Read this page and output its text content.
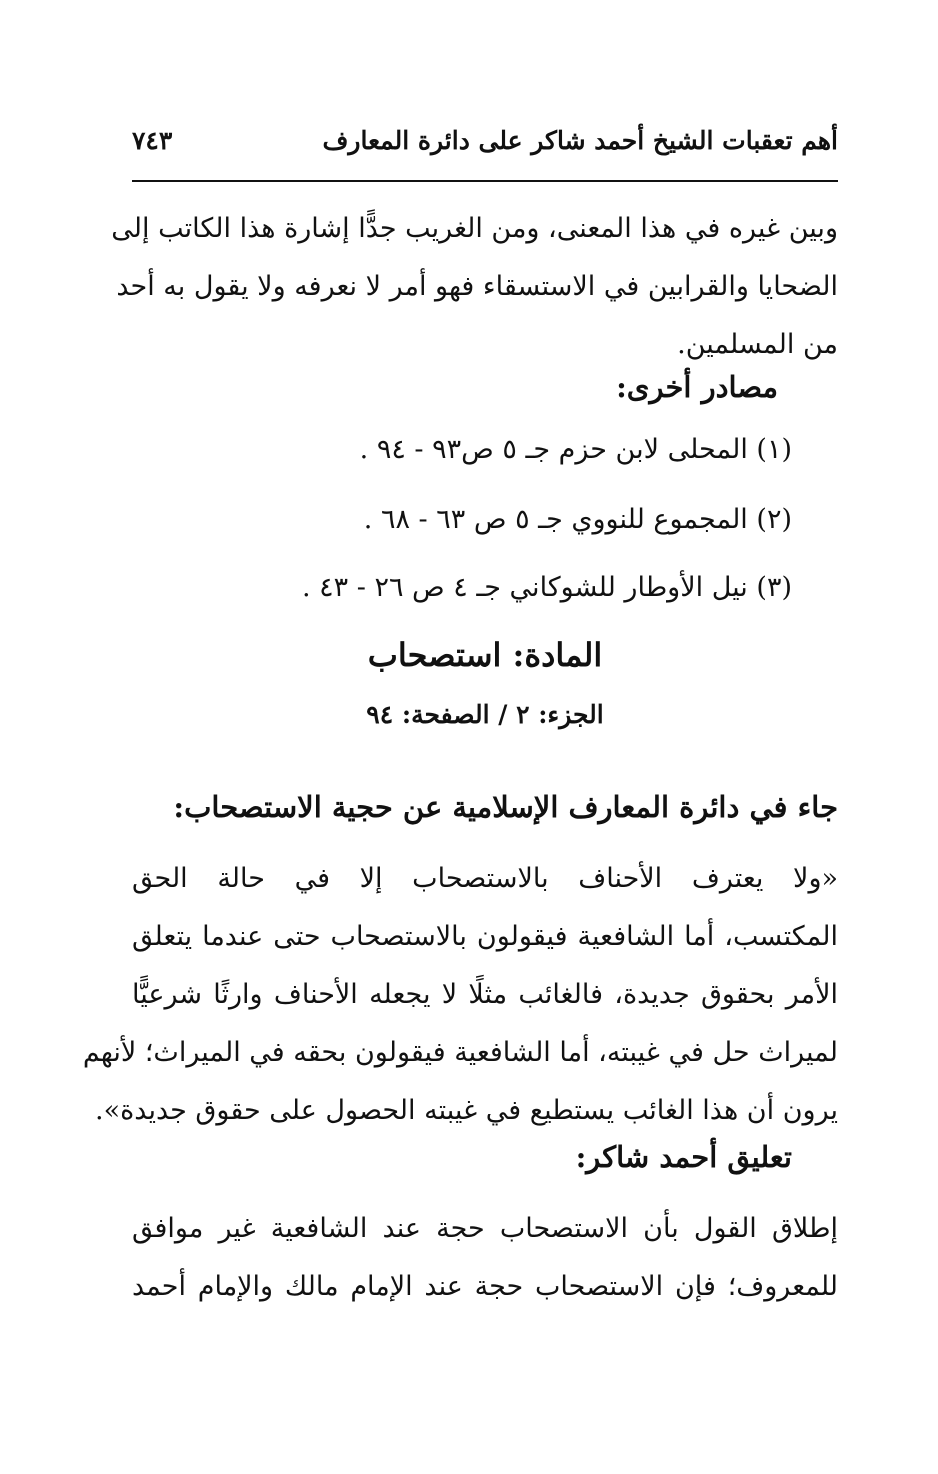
أهم تعقبات الشيخ أحمد شاكر على دائرة المعارف
٧٤٣
وبين غيره في هذا المعنى، ومن الغريب جدًّا إشارة هذا الكاتب إلى
الضحايا والقرابين في الاستسقاء فهو أمر لا نعرفه ولا يقول به أحد
من المسلمين.
مصادر أخرى:
(١) المحلى لابن حزم جـ ٥ ص٩٣ - ٩٤ .
(٢) المجموع للنووي جـ ٥ ص ٦٣ - ٦٨ .
(٣) نيل الأوطار للشوكاني جـ ٤ ص ٢٦ - ٤٣ .
المادة: استصحاب
الجزء: ٢ / الصفحة: ٩٤
جاء في دائرة المعارف الإسلامية عن حجية الاستصحاب:
«ولا يعترف الأحناف بالاستصحاب إلا في حالة الحق
المكتسب، أما الشافعية فيقولون بالاستصحاب حتى عندما يتعلق
الأمر بحقوق جديدة، فالغائب مثلًا لا يجعله الأحناف وارثًا شرعيًّا
لميراث حل في غيبته، أما الشافعية فيقولون بحقه في الميراث؛ لأنهم
يرون أن هذا الغائب يستطيع في غيبته الحصول على حقوق جديدة».
تعليق أحمد شاكر:
إطلاق القول بأن الاستصحاب حجة عند الشافعية غير موافق
للمعروف؛ فإن الاستصحاب حجة عند الإمام مالك والإمام أحمد
